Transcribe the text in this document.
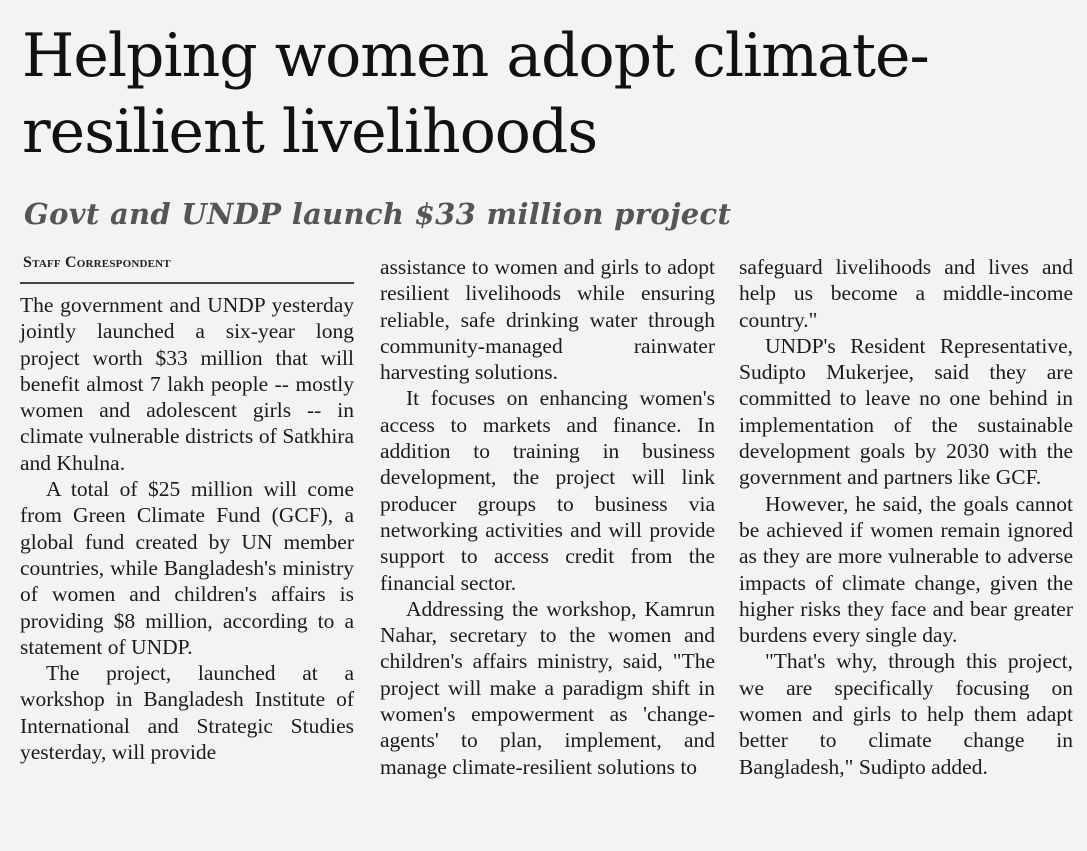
Helping women adopt climate-resilient livelihoods
Govt and UNDP launch $33 million project
Staff Correspondent

The government and UNDP yesterday jointly launched a six-year long project worth $33 million that will benefit almost 7 lakh people -- mostly women and adolescent girls -- in climate vulnerable districts of Satkhira and Khulna.

A total of $25 million will come from Green Climate Fund (GCF), a global fund created by UN member countries, while Bangladesh's ministry of women and children's affairs is providing $8 million, according to a statement of UNDP.

The project, launched at a workshop in Bangladesh Institute of International and Strategic Studies yesterday, will provide

assistance to women and girls to adopt resilient livelihoods while ensuring reliable, safe drinking water through community-managed rainwater harvesting solutions.

It focuses on enhancing women's access to markets and finance. In addition to training in business development, the project will link producer groups to business via networking activities and will provide support to access credit from the financial sector.

Addressing the workshop, Kamrun Nahar, secretary to the women and children's affairs ministry, said, "The project will make a paradigm shift in women's empowerment as 'change-agents' to plan, implement, and manage climate-resilient solutions to

safeguard livelihoods and lives and help us become a middle-income country."

UNDP's Resident Representative, Sudipto Mukerjee, said they are committed to leave no one behind in implementation of the sustainable development goals by 2030 with the government and partners like GCF.

However, he said, the goals cannot be achieved if women remain ignored as they are more vulnerable to adverse impacts of climate change, given the higher risks they face and bear greater burdens every single day.

"That's why, through this project, we are specifically focusing on women and girls to help them adapt better to climate change in Bangladesh," Sudipto added.
